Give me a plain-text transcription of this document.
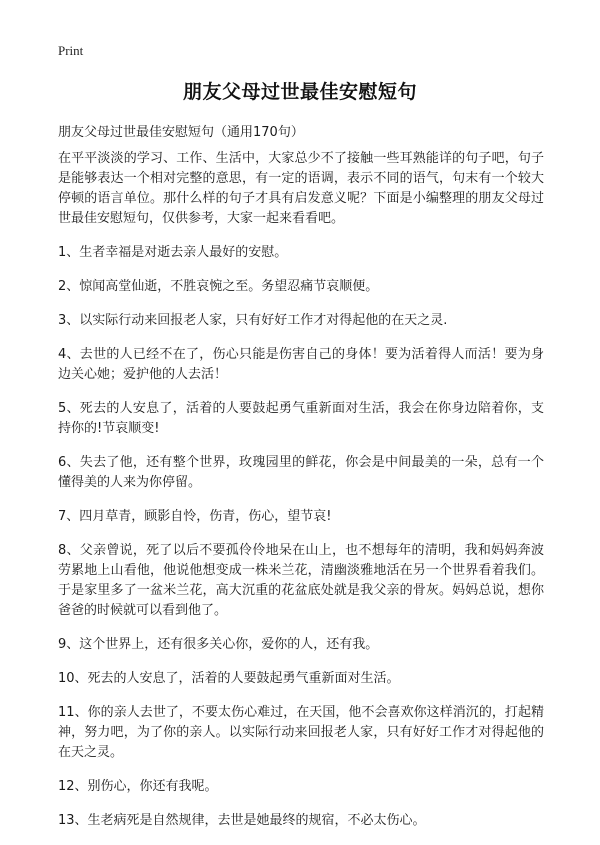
Print
朋友父母过世最佳安慰短句
朋友父母过世最佳安慰短句（通用170句）

在平平淡淡的学习、工作、生活中，大家总少不了接触一些耳熟能详的句子吧，句子是能够表达一个相对完整的意思，有一定的语调，表示不同的语气，句末有一个较大停顿的语言单位。那什么样的句子才具有启发意义呢？下面是小编整理的朋友父母过世最佳安慰短句，仅供参考，大家一起来看看吧。

1、生者幸福是对逝去亲人最好的安慰。

2、惊闻高堂仙逝，不胜哀惋之至。务望忍痛节哀顺便。

3、以实际行动来回报老人家，只有好好工作才对得起他的在天之灵.

4、去世的人已经不在了，伤心只能是伤害自己的身体！要为活着得人而活！要为身边关心她；爱护他的人去活！

5、死去的人安息了，活着的人要鼓起勇气重新面对生活，我会在你身边陪着你，支持你的!节哀顺变!

6、失去了他，还有整个世界，玫瑰园里的鲜花，你会是中间最美的一朵，总有一个懂得美的人来为你停留。

7、四月草青，顾影自怜，伤青，伤心，望节哀!

8、父亲曾说，死了以后不要孤伶伶地呆在山上，也不想每年的清明，我和妈妈奔波劳累地上山看他，他说他想变成一株米兰花，清幽淡雅地活在另一个世界看着我们。于是家里多了一盆米兰花，高大沉重的花盆底处就是我父亲的骨灰。妈妈总说，想你爸爸的时候就可以看到他了。

9、这个世界上，还有很多关心你，爱你的人，还有我。

10、死去的人安息了，活着的人要鼓起勇气重新面对生活。

11、你的亲人去世了，不要太伤心难过，在天国，他不会喜欢你这样消沉的，打起精神，努力吧，为了你的亲人。以实际行动来回报老人家，只有好好工作才对得起他的在天之灵。

12、别伤心，你还有我呢。

13、生老病死是自然规律，去世是她最终的规宿，不必太伤心。
